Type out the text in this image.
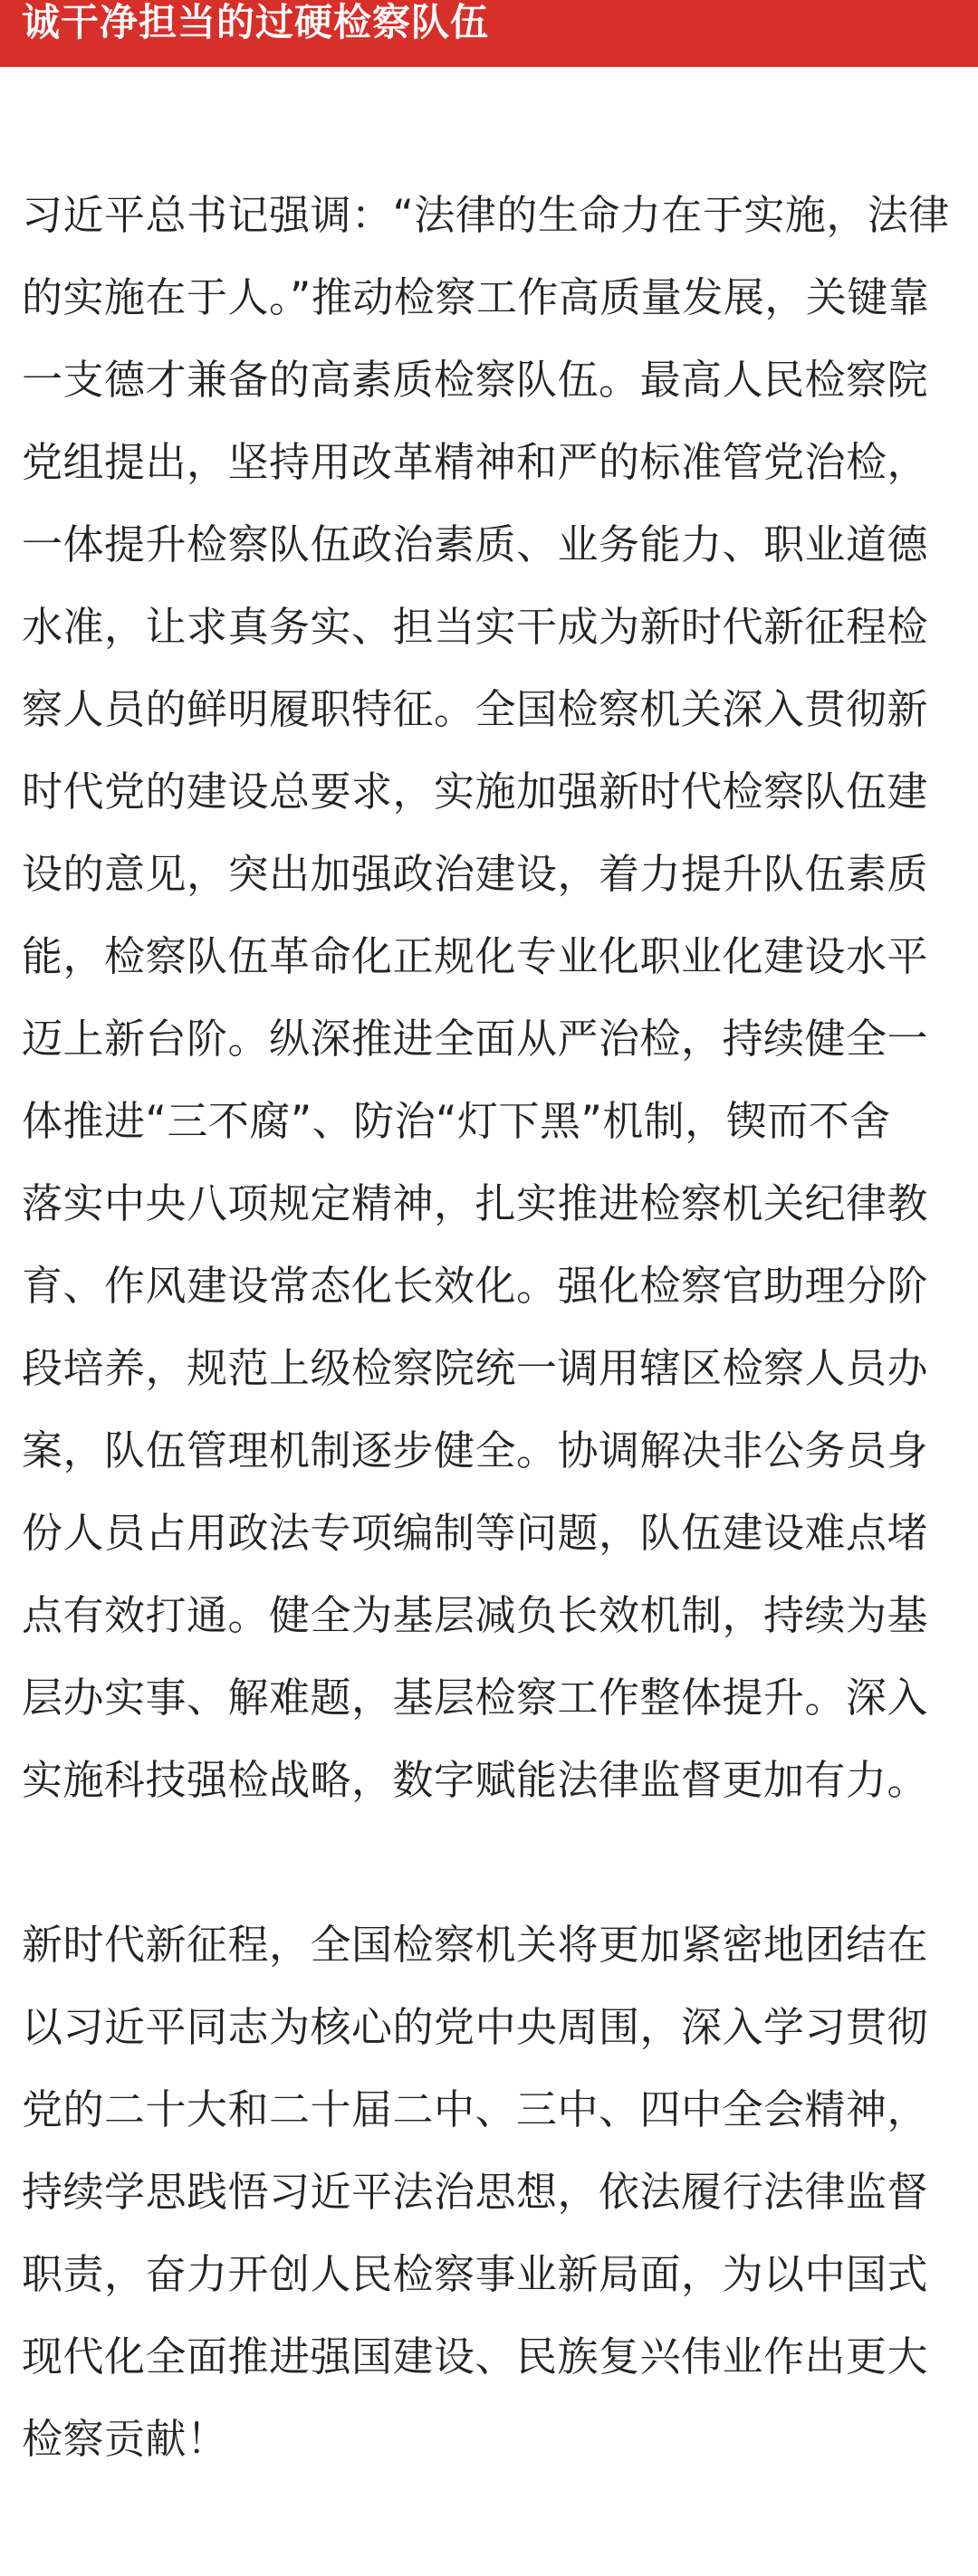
诚干净担当的过硬检察队伍
习近平总书记强调：“法律的生命力在于实施，法律
的实施在于人。”推动检察工作高质量发展，关键靠
一支德才兼备的高素质检察队伍。最高人民检察院
党组提出，坚持用改革精神和严的标准管党治检，
一体提升检察队伍政治素质、业务能力、职业道德
水准，让求真务实、担当实干成为新时代新征程检
察人员的鲜明履职特征。全国检察机关深入贯彻新
时代党的建设总要求，实施加强新时代检察队伍建
设的意见，突出加强政治建设，着力提升队伍素质
能，检察队伍革命化正规化专业化职业化建设水平
迈上新台阶。纵深推进全面从严治检，持续健全一
体推进“三不腐”、防治“灯下黑”机制，锲而不舍
落实中央八项规定精神，扎实推进检察机关纪律教
育、作风建设常态化长效化。强化检察官助理分阶
段培养，规范上级检察院统一调用辖区检察人员办
案，队伍管理机制逐步健全。协调解决非公务员身
份人员占用政法专项编制等问题，队伍建设难点堵
点有效打通。健全为基层减负长效机制，持续为基
层办实事、解难题，基层检察工作整体提升。深入
实施科技强检战略，数字赋能法律监督更加有力。
新时代新征程，全国检察机关将更加紧密地团结在
以习近平同志为核心的党中央周围，深入学习贯彻
党的二十大和二十届二中、三中、四中全会精神，
持续学思践悟习近平法治思想，依法履行法律监督
职责，奋力开创人民检察事业新局面，为以中国式
现代化全面推进强国建设、民族复兴伟业作出更大
检察贡献！
